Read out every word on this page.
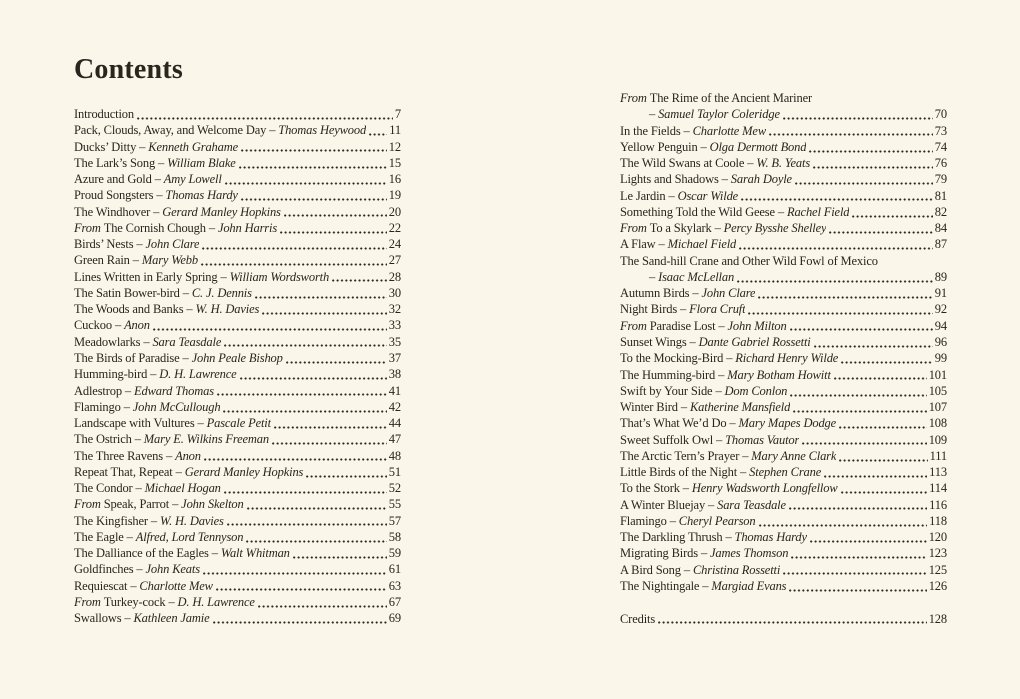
Contents
Introduction	7
Pack, Clouds, Away, and Welcome Day – Thomas Heywood 11
Ducks’ Ditty – Kenneth Grahame	12
The Lark’s Song – William Blake	15
Azure and Gold – Amy Lowell	16
Proud Songsters – Thomas Hardy	19
The Windhover – Gerard Manley Hopkins	20
From The Cornish Chough – John Harris	22
Birds’ Nests – John Clare	24
Green Rain – Mary Webb	27
Lines Written in Early Spring – William Wordsworth	28
The Satin Bower-bird – C. J. Dennis	30
The Woods and Banks – W. H. Davies	32
Cuckoo – Anon	33
Meadowlarks – Sara Teasdale	35
The Birds of Paradise – John Peale Bishop	37
Humming-bird – D. H. Lawrence	38
Adlestrop – Edward Thomas	41
Flamingo – John McCullough	42
Landscape with Vultures – Pascale Petit	44
The Ostrich – Mary E. Wilkins Freeman	47
The Three Ravens – Anon	48
Repeat That, Repeat – Gerard Manley Hopkins	51
The Condor – Michael Hogan	52
From Speak, Parrot – John Skelton	55
The Kingfisher – W. H. Davies	57
The Eagle – Alfred, Lord Tennyson	58
The Dalliance of the Eagles – Walt Whitman	59
Goldfinches – John Keats	61
Requiescat – Charlotte Mew	63
From Turkey-cock – D. H. Lawrence	67
Swallows – Kathleen Jamie	69
From The Rime of the Ancient Mariner
– Samuel Taylor Coleridge	70
In the Fields – Charlotte Mew	73
Yellow Penguin – Olga Dermott Bond	74
The Wild Swans at Coole – W. B. Yeats	76
Lights and Shadows – Sarah Doyle	79
Le Jardin – Oscar Wilde	81
Something Told the Wild Geese – Rachel Field	82
From To a Skylark – Percy Bysshe Shelley	84
A Flaw – Michael Field	87
The Sand-hill Crane and Other Wild Fowl of Mexico
– Isaac McLellan	89
Autumn Birds – John Clare	91
Night Birds – Flora Cruft	92
From Paradise Lost – John Milton	94
Sunset Wings – Dante Gabriel Rossetti	96
To the Mocking-Bird – Richard Henry Wilde	99
The Humming-bird – Mary Botham Howitt	101
Swift by Your Side – Dom Conlon	105
Winter Bird – Katherine Mansfield	107
That’s What We’d Do – Mary Mapes Dodge	108
Sweet Suffolk Owl – Thomas Vautor	109
The Arctic Tern’s Prayer – Mary Anne Clark	111
Little Birds of the Night – Stephen Crane	113
To the Stork – Henry Wadsworth Longfellow	114
A Winter Bluejay – Sara Teasdale	116
Flamingo – Cheryl Pearson	118
The Darkling Thrush – Thomas Hardy	120
Migrating Birds – James Thomson	123
A Bird Song – Christina Rossetti	125
The Nightingale – Margiad Evans	126
Credits	128
